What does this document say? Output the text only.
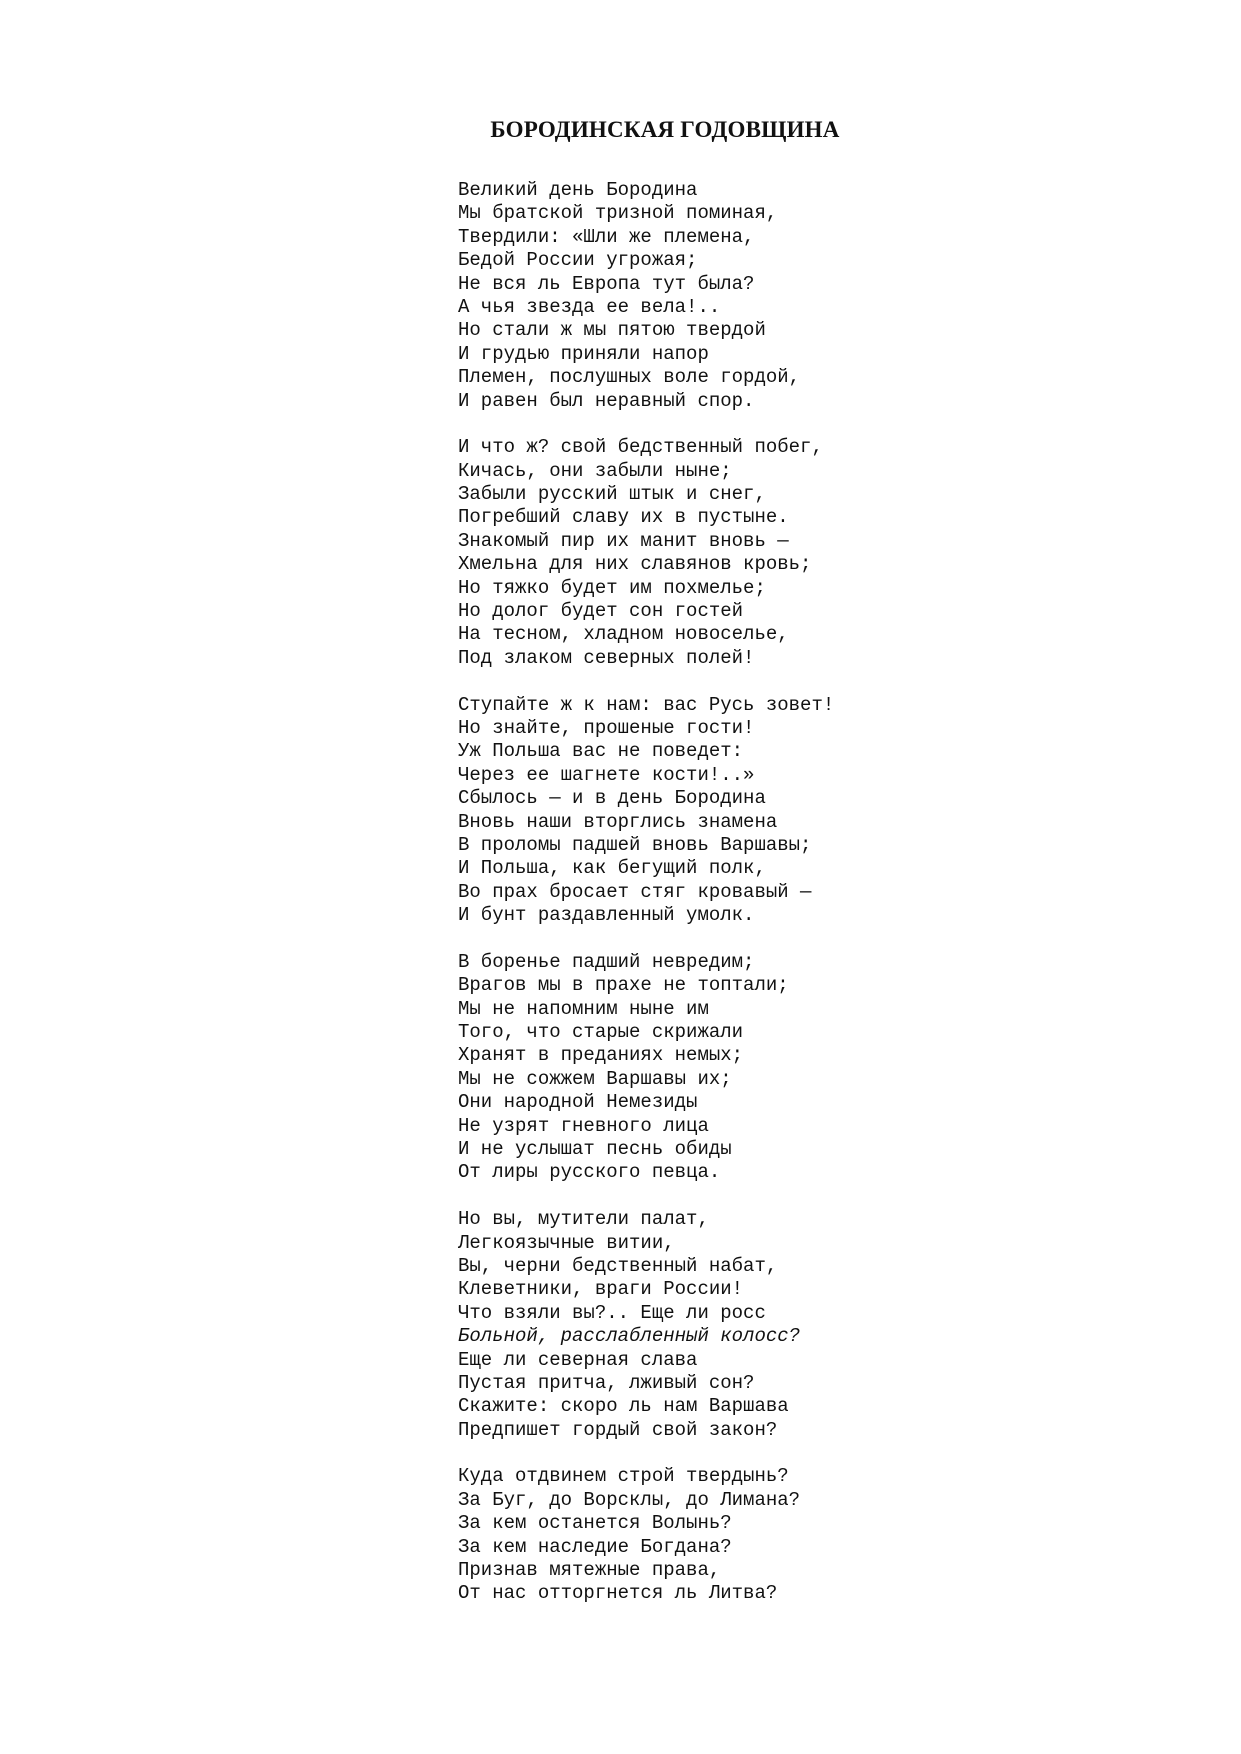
БОРОДИНСКАЯ ГОДОВЩИНА
Великий день Бородина
Мы братской тризной поминая,
Твердили: «Шли же племена,
Бедой России угрожая;
Не вся ль Европа тут была?
А чья звезда ее вела!..
Но стали ж мы пятою твердой
И грудью приняли напор
Племен, послушных воле гордой,
И равен был неравный спор.
И что ж? свой бедственный побег,
Кичась, они забыли ныне;
Забыли русский штык и снег,
Погребший славу их в пустыне.
Знакомый пир их манит вновь —
Хмельна для них славянов кровь;
Но тяжко будет им похмелье;
Но долог будет сон гостей
На тесном, хладном новоселье,
Под злаком северных полей!
Ступайте ж к нам: вас Русь зовет!
Но знайте, прошеные гости!
Уж Польша вас не поведет:
Через ее шагнете кости!..»
Сбылось — и в день Бородина
Вновь наши вторглись знамена
В проломы падшей вновь Варшавы;
И Польша, как бегущий полк,
Во прах бросает стяг кровавый —
И бунт раздавленный умолк.
В боренье падший невредим;
Врагов мы в прахе не топтали;
Мы не напомним ныне им
Того, что старые скрижали
Хранят в преданиях немых;
Мы не сожжем Варшавы их;
Они народной Немезиды
Не узрят гневного лица
И не услышат песнь обиды
От лиры русского певца.
Но вы, мутители палат,
Легкоязычные витии,
Вы, черни бедственный набат,
Клеветники, враги России!
Что взяли вы?.. Еще ли росс
Больной, расслабленный колосс?
Еще ли северная слава
Пустая притча, лживый сон?
Скажите: скоро ль нам Варшава
Предпишет гордый свой закон?
Куда отдвинем строй твердынь?
За Буг, до Ворсклы, до Лимана?
За кем останется Волынь?
За кем наследие Богдана?
Признав мятежные права,
От нас отторгнется ль Литва?
